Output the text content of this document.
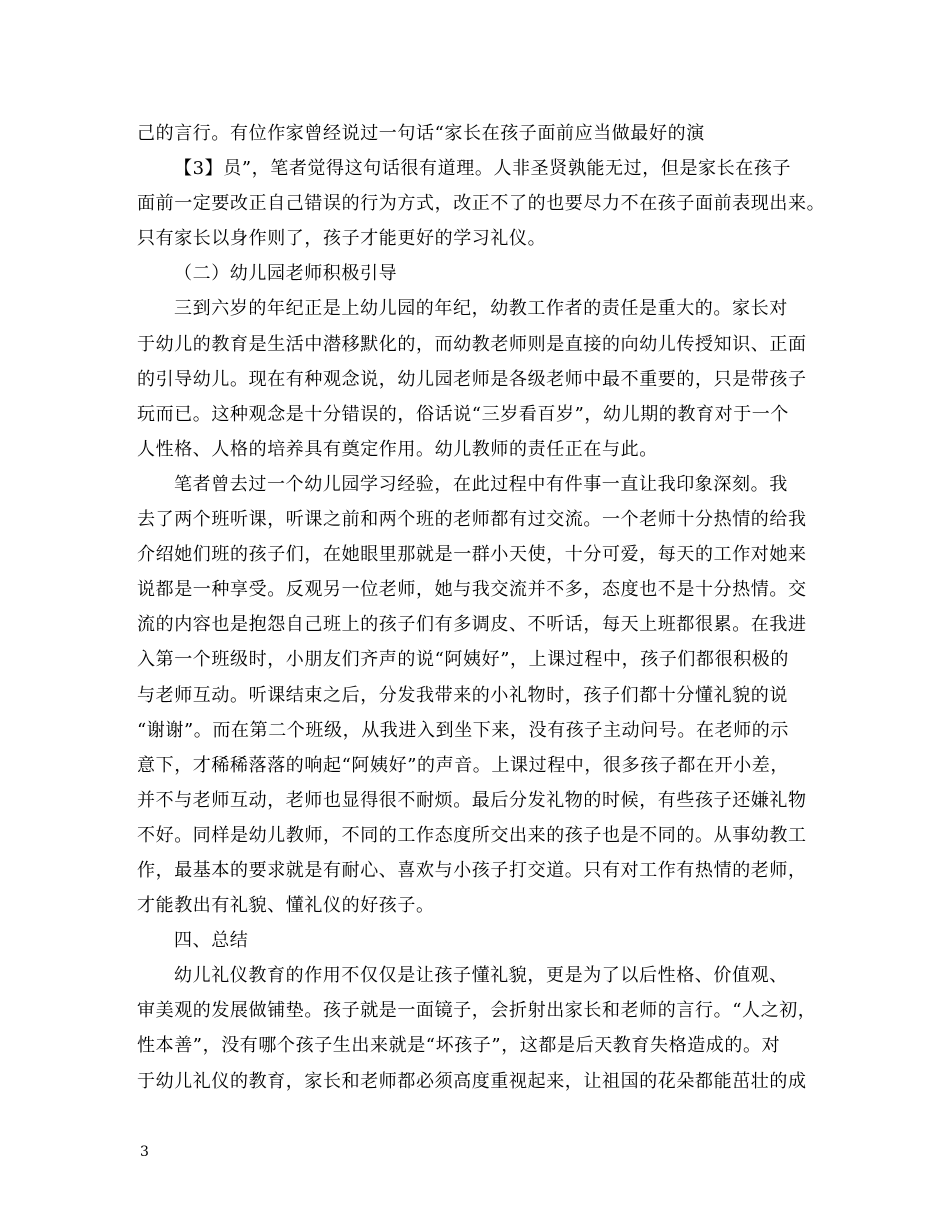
己的言行。有位作家曾经说过一句话“家长在孩子面前应当做最好的演
【3】员”，笔者觉得这句话很有道理。人非圣贤孰能无过，但是家长在孩子
面前一定要改正自己错误的行为方式，改正不了的也要尽力不在孩子面前表现出来。
只有家长以身作则了，孩子才能更好的学习礼仪。
（二）幼儿园老师积极引导
三到六岁的年纪正是上幼儿园的年纪，幼教工作者的责任是重大的。家长对
于幼儿的教育是生活中潜移默化的，而幼教老师则是直接的向幼儿传授知识、正面
的引导幼儿。现在有种观念说，幼儿园老师是各级老师中最不重要的，只是带孩子
玩而已。这种观念是十分错误的，俗话说“三岁看百岁”，幼儿期的教育对于一个
人性格、人格的培养具有奠定作用。幼儿教师的责任正在与此。
笔者曾去过一个幼儿园学习经验，在此过程中有件事一直让我印象深刻。我
去了两个班听课，听课之前和两个班的老师都有过交流。一个老师十分热情的给我
介绍她们班的孩子们，在她眼里那就是一群小天使，十分可爱，每天的工作对她来
说都是一种享受。反观另一位老师，她与我交流并不多，态度也不是十分热情。交
流的内容也是抱怨自己班上的孩子们有多调皮、不听话，每天上班都很累。在我进
入第一个班级时，小朋友们齐声的说“阿姨好”，上课过程中，孩子们都很积极的
与老师互动。听课结束之后，分发我带来的小礼物时，孩子们都十分懂礼貌的说
“谢谢”。而在第二个班级，从我进入到坐下来，没有孩子主动问号。在老师的示
意下，才稀稀落落的响起“阿姨好”的声音。上课过程中，很多孩子都在开小差，
并不与老师互动，老师也显得很不耐烦。最后分发礼物的时候，有些孩子还嫌礼物
不好。同样是幼儿教师，不同的工作态度所交出来的孩子也是不同的。从事幼教工
作，最基本的要求就是有耐心、喜欢与小孩子打交道。只有对工作有热情的老师，
才能教出有礼貌、懂礼仪的好孩子。
四、总结
幼儿礼仪教育的作用不仅仅是让孩子懂礼貌，更是为了以后性格、价值观、
审美观的发展做铺垫。孩子就是一面镜子，会折射出家长和老师的言行。“人之初，
性本善”，没有哪个孩子生出来就是“坏孩子”，这都是后天教育失格造成的。对
于幼儿礼仪的教育，家长和老师都必须高度重视起来，让祖国的花朵都能茁壮的成
3
